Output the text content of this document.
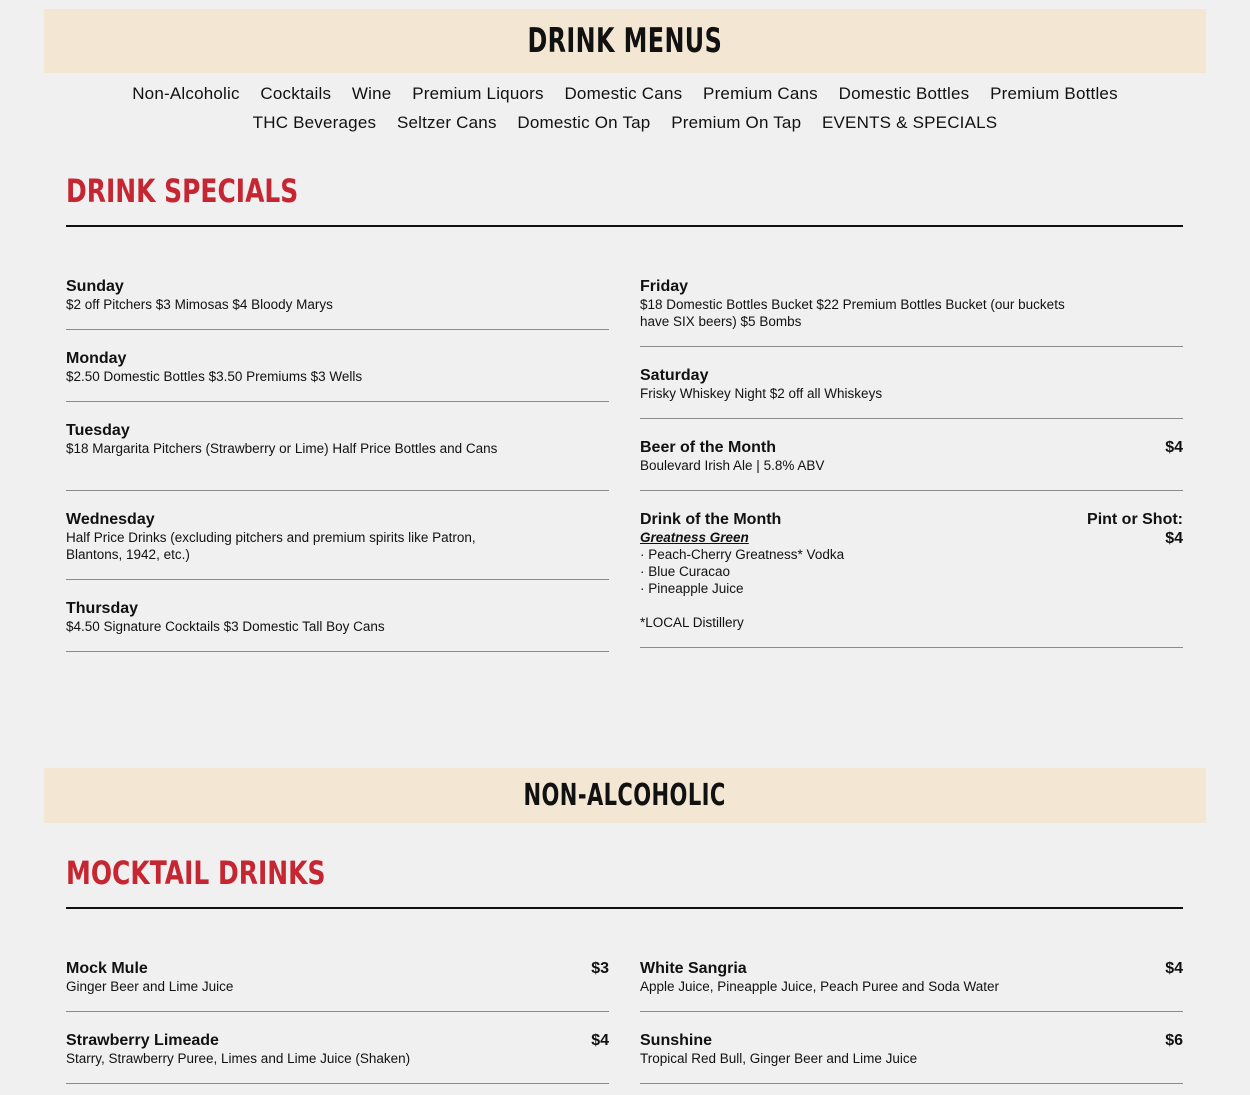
DRINK MENUS
Non-Alcoholic Cocktails Wine Premium Liquors Domestic Cans Premium Cans Domestic Bottles Premium Bottles
THC Beverages Seltzer Cans Domestic On Tap Premium On Tap EVENTS & SPECIALS
DRINK SPECIALS
Sunday
$2 off Pitchers $3 Mimosas $4 Bloody Marys
Monday
$2.50 Domestic Bottles $3.50 Premiums $3 Wells
Tuesday
$18 Margarita Pitchers (Strawberry or Lime) Half Price Bottles and Cans
Wednesday
Half Price Drinks (excluding pitchers and premium spirits like Patron, Blantons, 1942, etc.)
Thursday
$4.50 Signature Cocktails $3 Domestic Tall Boy Cans
Friday
$18 Domestic Bottles Bucket $22 Premium Bottles Bucket (our buckets have SIX beers) $5 Bombs
Saturday
Frisky Whiskey Night $2 off all Whiskeys
Beer of the Month	$4
Boulevard Irish Ale | 5.8% ABV
Drink of the Month	Pint or Shot:
$4
Greatness Green
· Peach-Cherry Greatness* Vodka
· Blue Curacao
· Pineapple Juice
*LOCAL Distillery
NON-ALCOHOLIC
MOCKTAIL DRINKS
Mock Mule	$3
Ginger Beer and Lime Juice
Strawberry Limeade	$4
Starry, Strawberry Puree, Limes and Lime Juice (Shaken)
White Sangria	$4
Apple Juice, Pineapple Juice, Peach Puree and Soda Water
Sunshine	$6
Tropical Red Bull, Ginger Beer and Lime Juice
